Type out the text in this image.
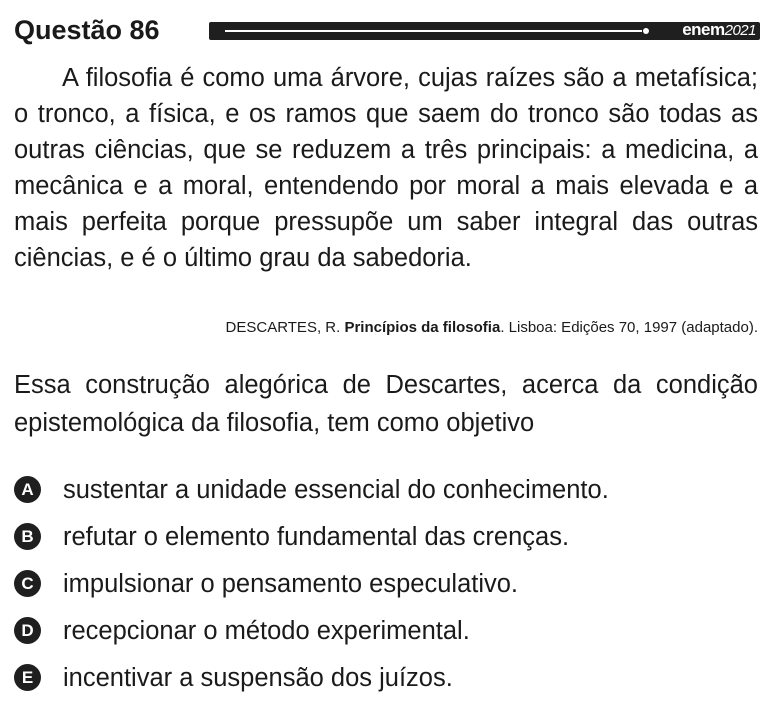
Questão 86	enem2021

A filosofia é como uma árvore, cujas raízes são a metafísica; o tronco, a física, e os ramos que saem do tronco são todas as outras ciências, que se reduzem a três principais: a medicina, a mecânica e a moral, entendendo por moral a mais elevada e a mais perfeita porque pressupõe um saber integral das outras ciências, e é o último grau da sabedoria.

DESCARTES, R. Princípios da filosofia. Lisboa: Edições 70, 1997 (adaptado).

Essa construção alegórica de Descartes, acerca da condição epistemológica da filosofia, tem como objetivo

A sustentar a unidade essencial do conhecimento.
B refutar o elemento fundamental das crenças.
C impulsionar o pensamento especulativo.
D recepcionar o método experimental.
E	incentivar a suspensão dos juízos.
